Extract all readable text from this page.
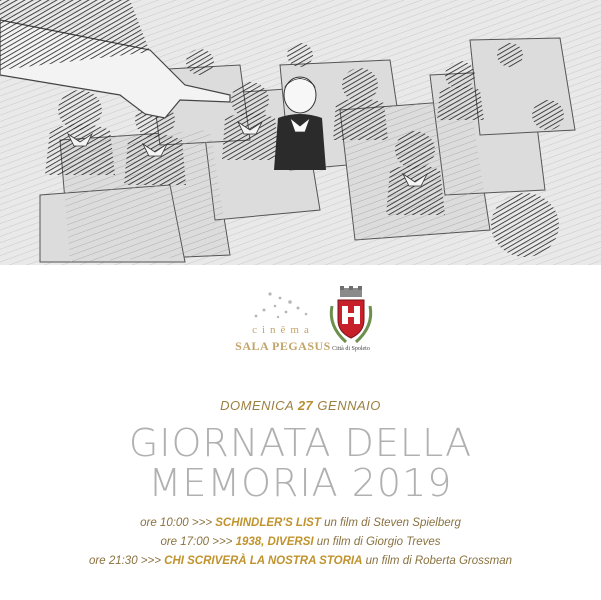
cinēma
SALA PEGASUS Città di Spoleto
DOMENICA 27 GENNAIO
GIORNATA DELLA
MEMORIA 2019
ore 10:00 >>> SCHINDLER'S LIST un film di Steven Spielberg
ore 17:00 >>> 1938, DIVERSI un film di Giorgio Treves
ore 21:30 >>> CHI SCRIVERÀ LA NOSTRA STORIA un film di Roberta Grossman
